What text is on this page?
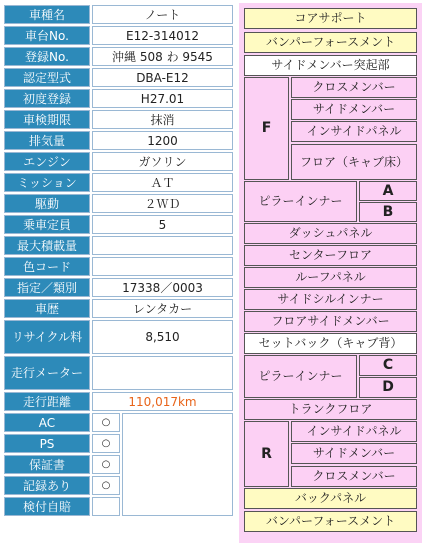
車種名	ノート	
車台No.	E12-314012	
登録No.	沖縄 508 わ 9545	
認定型式	DBA-E12	
初度登録	H27.01	
車検期限	抹消	
排気量	1200	
エンジン	ガソリン	
ミッション	ＡＴ	
駆動	２ＷＤ	
乗車定員	5	
最大積載量		
色コード		
指定／類別	17338／0003	
車歴	レンタカー	
リサイクル料	8,510	
走行メーター		
走行距離	110,017km	
AC	○	
PS	○	
保証書	○	
記録あり	○	
検付自賠		
コアサポート
バンパーフォースメント
サイドメンバー突起部
F
クロスメンバー
サイドメンバー
インサイドパネル
フロア（キャブ床）
ピラーインナー
A
B
ダッシュパネル
センターフロア
ルーフパネル
サイドシルインナー
フロアサイドメンバー
セットバック（キャブ背）
ピラーインナー
C
D
トランクフロア
R
インサイドパネル
サイドメンバー
クロスメンバー
バックパネル
バンパーフォースメント
